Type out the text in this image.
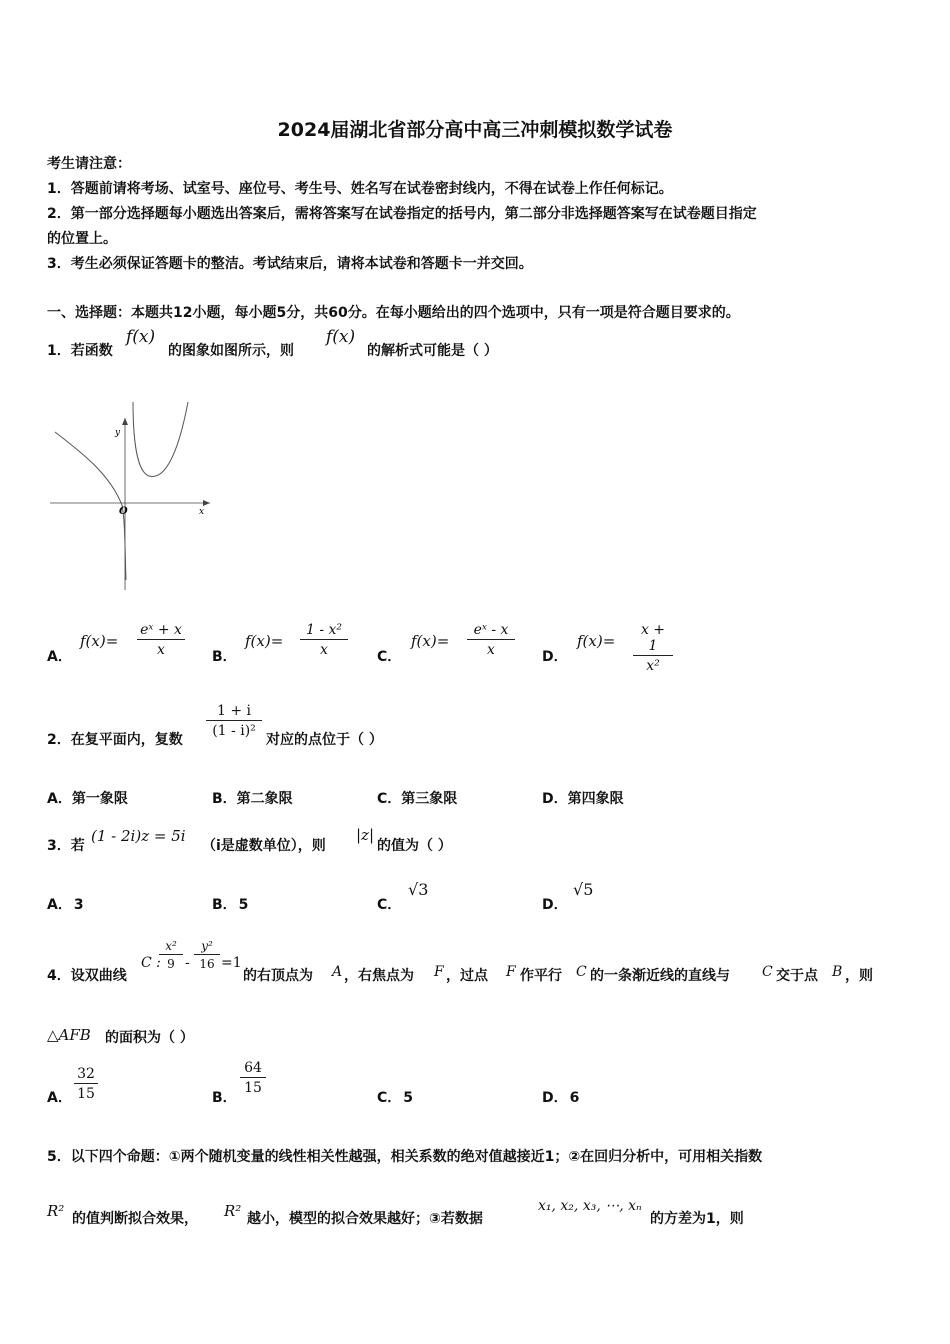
2024届湖北省部分高中高三冲刺模拟数学试卷
考生请注意：
1．答题前请将考场、试室号、座位号、考生号、姓名写在试卷密封线内，不得在试卷上作任何标记。
2．第一部分选择题每小题选出答案后，需将答案写在试卷指定的括号内，第二部分非选择题答案写在试卷题目指定
的位置上。
3．考生必须保证答题卡的整洁。考试结束后，请将本试卷和答题卡一并交回。
一、选择题：本题共12小题，每小题5分，共60分。在每小题给出的四个选项中，只有一项是符合题目要求的。
1．若函数
f(x)
的图象如图所示，则
f(x)
的解析式可能是（ ）
y
x
O
A．
$f(x)= \frac{\text{eˣ + x}}{x}$ B．
$f(x)= \frac{\text{1 - x²}}{x}$ C．
$f(x)= \frac{\text{eˣ - x}}{x}$ D．
$f(x)= \frac{x + 1}{\text{x²}}$
2．在复平面内，复数
$\frac{1 + i}{\text{(1 - i)²}}$
对应的点位于（ ）
A．第一象限	B．第二象限	C．第三象限	D．第四象限
3．若
(1 - 2i)z = 5i
（i是虚数单位），则
|z|
的值为（ ）
A． 3	B． 5	C．
√3
D．
√5
4．设双曲线
C :
$\frac{\text{x²}}{9} - \frac{\text{y²}}{16} =1$
的右顶点为 A ，右焦点为 F ，过点 F 作平行 C 的一条渐近线的直线与 C 交于点 B ，则
△AFB 的面积为（ ）
A． $\frac{32}{15}$	B．
$\frac{64}{15}$
C． 5	D． 6
5．以下四个命题：①两个随机变量的线性相关性越强，相关系数的绝对值越接近1；②在回归分析中，可用相关指数
R² 的值判断拟合效果， R² 越小，模型的拟合效果越好；③若数据
x₁, x₂, x₃, ⋯, xₙ
的方差为1，则
